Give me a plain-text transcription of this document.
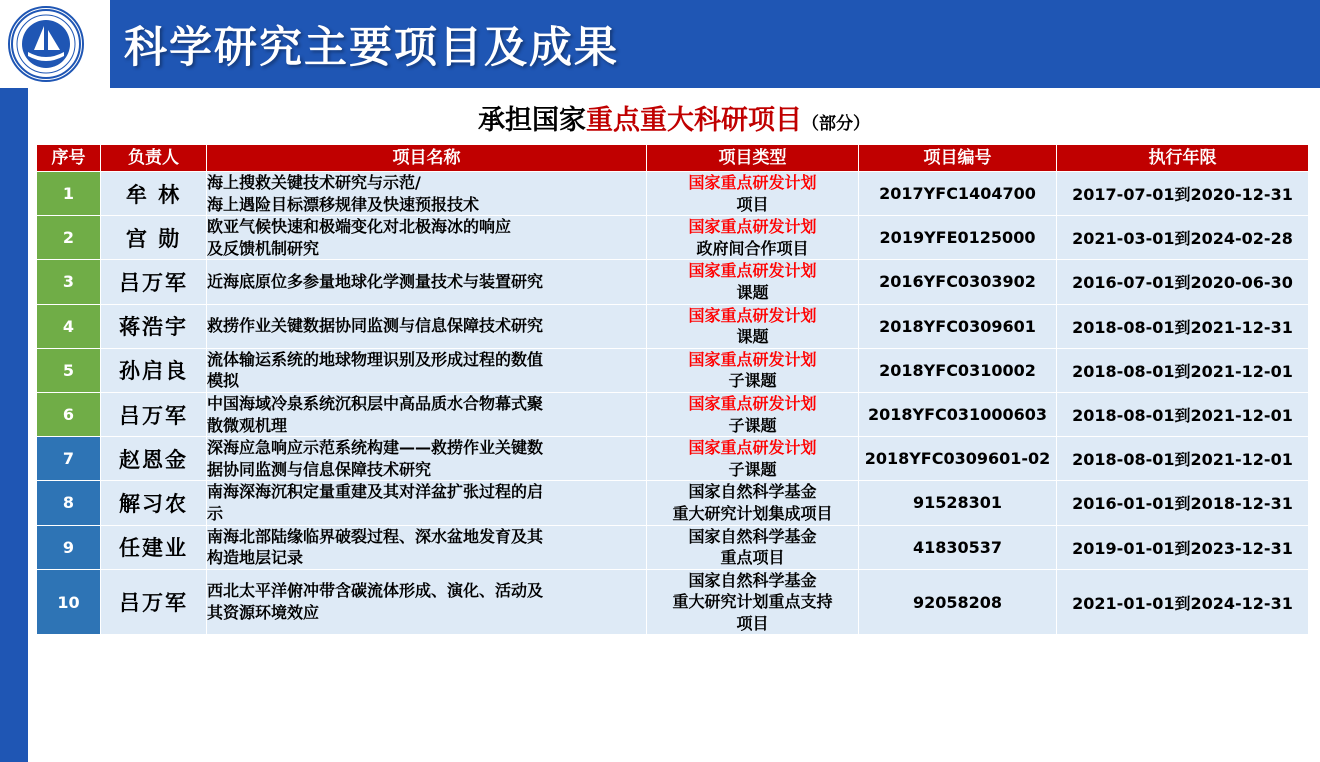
科学研究主要项目及成果
承担国家重点重大科研项目（部分）
序号	负责人	项目名称	项目类型	项目编号	执行年限
1	牟 林	海上搜救关键技术研究与示范/
海上遇险目标漂移规律及快速预报技术	国家重点研发计划
项目	2017YFC1404700	2017-07-01到2020-12-31
2	宫 勋	欧亚气候快速和极端变化对北极海冰的响应
及反馈机制研究	国家重点研发计划
政府间合作项目	2019YFE0125000	2021-03-01到2024-02-28
3	吕万军	近海底原位多参量地球化学测量技术与装置研究	国家重点研发计划
课题	2016YFC0303902	2016-07-01到2020-06-30
4	蒋浩宇	救捞作业关键数据协同监测与信息保障技术研究	国家重点研发计划
课题	2018YFC0309601	2018-08-01到2021-12-31
5	孙启良	流体输运系统的地球物理识别及形成过程的数值
模拟	国家重点研发计划
子课题	2018YFC0310002	2018-08-01到2021-12-01
6	吕万军	中国海域冷泉系统沉积层中高品质水合物幕式聚
散微观机理	国家重点研发计划
子课题	2018YFC031000603	2018-08-01到2021-12-01
7	赵恩金	深海应急响应示范系统构建——救捞作业关键数
据协同监测与信息保障技术研究	国家重点研发计划
子课题	2018YFC0309601-02	2018-08-01到2021-12-01
8	解习农	南海深海沉积定量重建及其对洋盆扩张过程的启
示	国家自然科学基金
重大研究计划集成项目	91528301	2016-01-01到2018-12-31
9	任建业	南海北部陆缘临界破裂过程、深水盆地发育及其
构造地层记录	国家自然科学基金
重点项目	41830537	2019-01-01到2023-12-31
10	吕万军	西北太平洋俯冲带含碳流体形成、演化、活动及
其资源环境效应	国家自然科学基金
重大研究计划重点支持
项目	92058208	2021-01-01到2024-12-31
